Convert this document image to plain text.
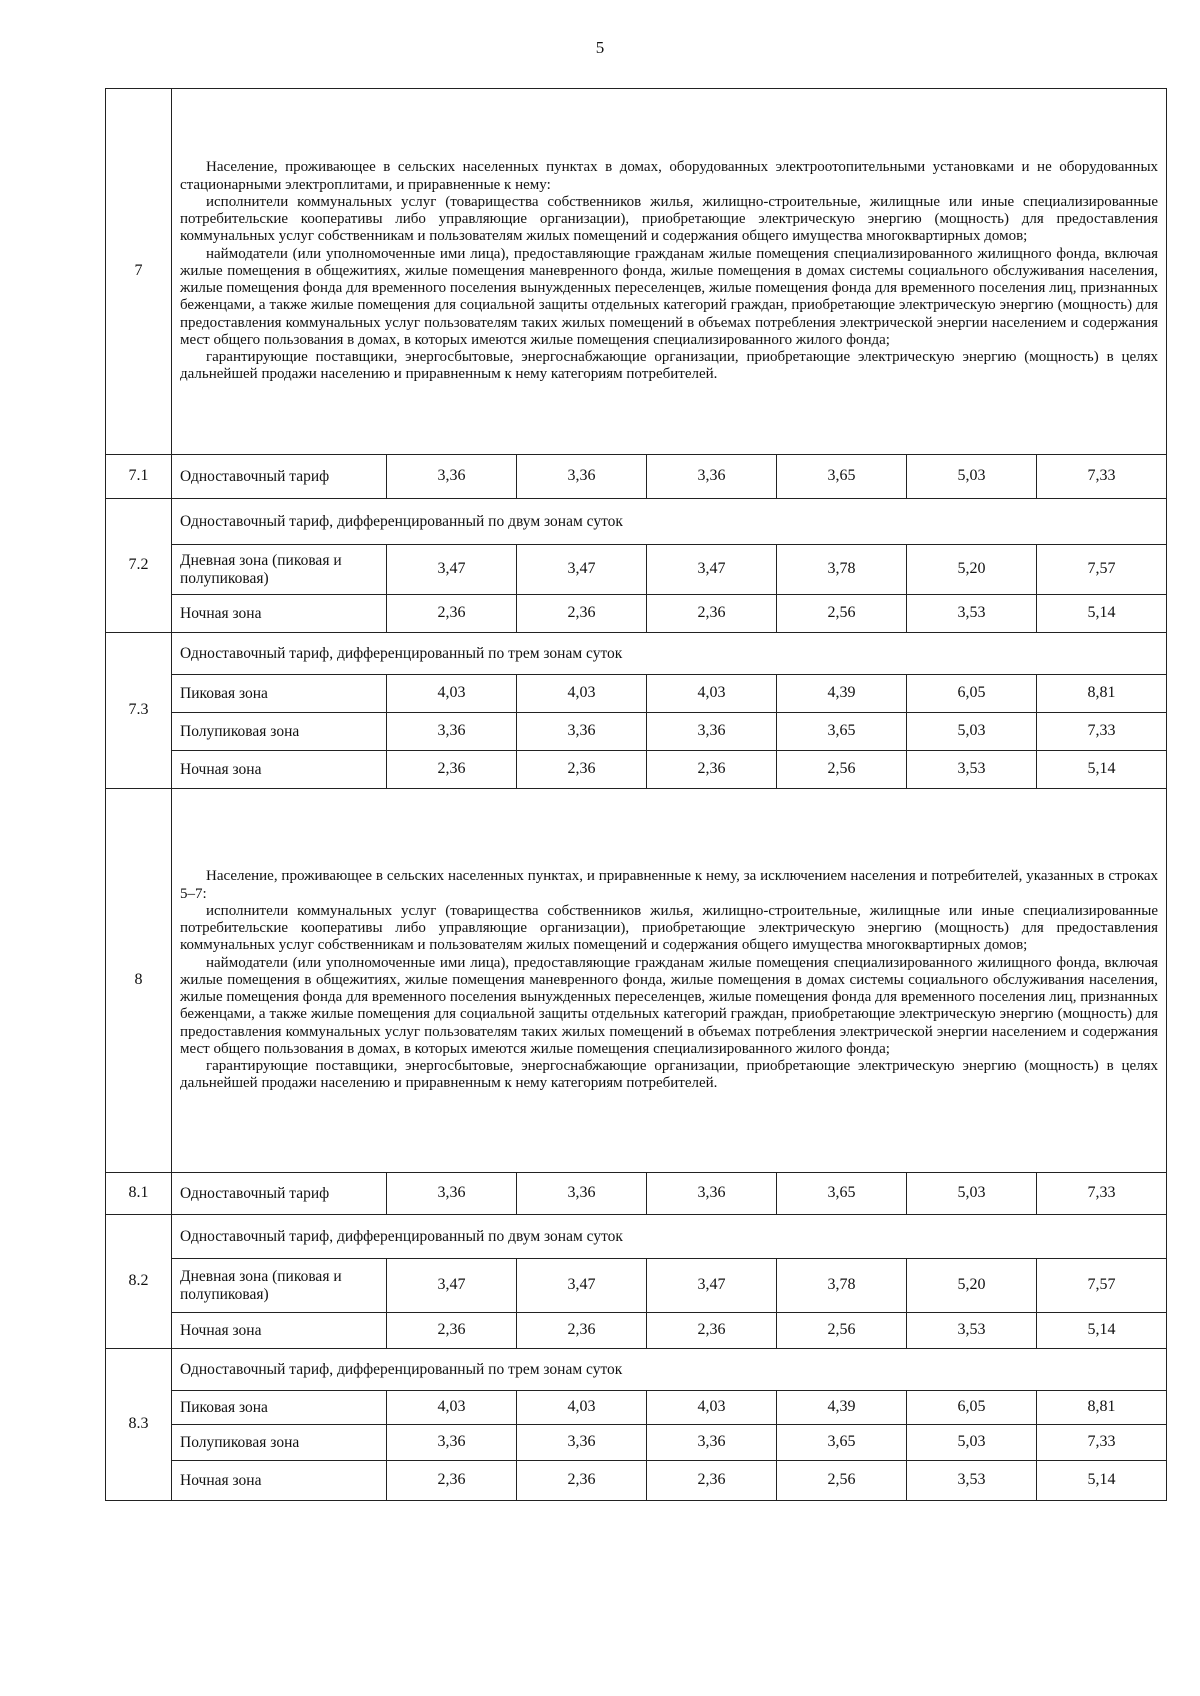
5
7	Население, проживающее в сельских населенных пунктах в домах, оборудованных электроотопительными установками и не оборудованных стационарными электроплитами, и приравненные к нему:

исполнители коммунальных услуг (товарищества собственников жилья, жилищно-строительные, жилищные или иные специализированные потребительские кооперативы либо управляющие организации), приобретающие электрическую энергию (мощность) для предоставления коммунальных услуг собственникам и пользователям жилых помещений и содержания общего имущества многоквартирных домов;

наймодатели (или уполномоченные ими лица), предоставляющие гражданам жилые помещения специализированного жилищного фонда, включая жилые помещения в общежитиях, жилые помещения маневренного фонда, жилые помещения в домах системы социального обслуживания населения, жилые помещения фонда для временного поселения вынужденных переселенцев, жилые помещения фонда для временного поселения лиц, признанных беженцами, а также жилые помещения для социальной защиты отдельных категорий граждан, приобретающие электрическую энергию (мощность) для предоставления коммунальных услуг пользователям таких жилых помещений в объемах потребления электрической энергии населением и содержания мест общего пользования в домах, в которых имеются жилые помещения специализированного жилого фонда;

гарантирующие поставщики, энергосбытовые, энергоснабжающие организации, приобретающие электрическую энергию (мощность) в целях дальнейшей продажи населению и приравненным к нему категориям потребителей.						

7.1	Одноставочный тариф	3,36	3,36	3,36	3,65	5,03	7,33
7.2	Одноставочный тариф, дифференцированный по двум зонам суток						
	Дневная зона (пиковая и полупиковая)	3,47	3,47	3,47	3,78	5,20	7,57
	Ночная зона	2,36	2,36	2,36	2,56	3,53	5,14
7.3	Одноставочный тариф, дифференцированный по трем зонам суток						
	Пиковая зона	4,03	4,03	4,03	4,39	6,05	8,81
	Полупиковая зона	3,36	3,36	3,36	3,65	5,03	7,33
	Ночная зона	2,36	2,36	2,36	2,56	3,53	5,14
8	Население, проживающее в сельских населенных пунктах, и приравненные к нему, за исключением населения и потребителей, указанных в строках 5–7:

исполнители коммунальных услуг (товарищества собственников жилья, жилищно-строительные, жилищные или иные специализированные потребительские кооперативы либо управляющие организации), приобретающие электрическую энергию (мощность) для предоставления коммунальных услуг собственникам и пользователям жилых помещений и содержания общего имущества многоквартирных домов;

наймодатели (или уполномоченные ими лица), предоставляющие гражданам жилые помещения специализированного жилищного фонда, включая жилые помещения в общежитиях, жилые помещения маневренного фонда, жилые помещения в домах системы социального обслуживания населения, жилые помещения фонда для временного поселения вынужденных переселенцев, жилые помещения фонда для временного поселения лиц, признанных беженцами, а также жилые помещения для социальной защиты отдельных категорий граждан, приобретающие электрическую энергию (мощность) для предоставления коммунальных услуг пользователям таких жилых помещений в объемах потребления электрической энергии населением и содержания мест общего пользования в домах, в которых имеются жилые помещения специализированного жилого фонда;

гарантирующие поставщики, энергосбытовые, энергоснабжающие организации, приобретающие электрическую энергию (мощность) в целях дальнейшей продажи населению и приравненным к нему категориям потребителей.						

8.1	Одноставочный тариф	3,36	3,36	3,36	3,65	5,03	7,33
8.2	Одноставочный тариф, дифференцированный по двум зонам суток						
	Дневная зона (пиковая и полупиковая)	3,47	3,47	3,47	3,78	5,20	7,57
	Ночная зона	2,36	2,36	2,36	2,56	3,53	5,14
8.3	Одноставочный тариф, дифференцированный по трем зонам суток						
	Пиковая зона	4,03	4,03	4,03	4,39	6,05	8,81
	Полупиковая зона	3,36	3,36	3,36	3,65	5,03	7,33
	Ночная зона	2,36	2,36	2,36	2,56	3,53	5,14
